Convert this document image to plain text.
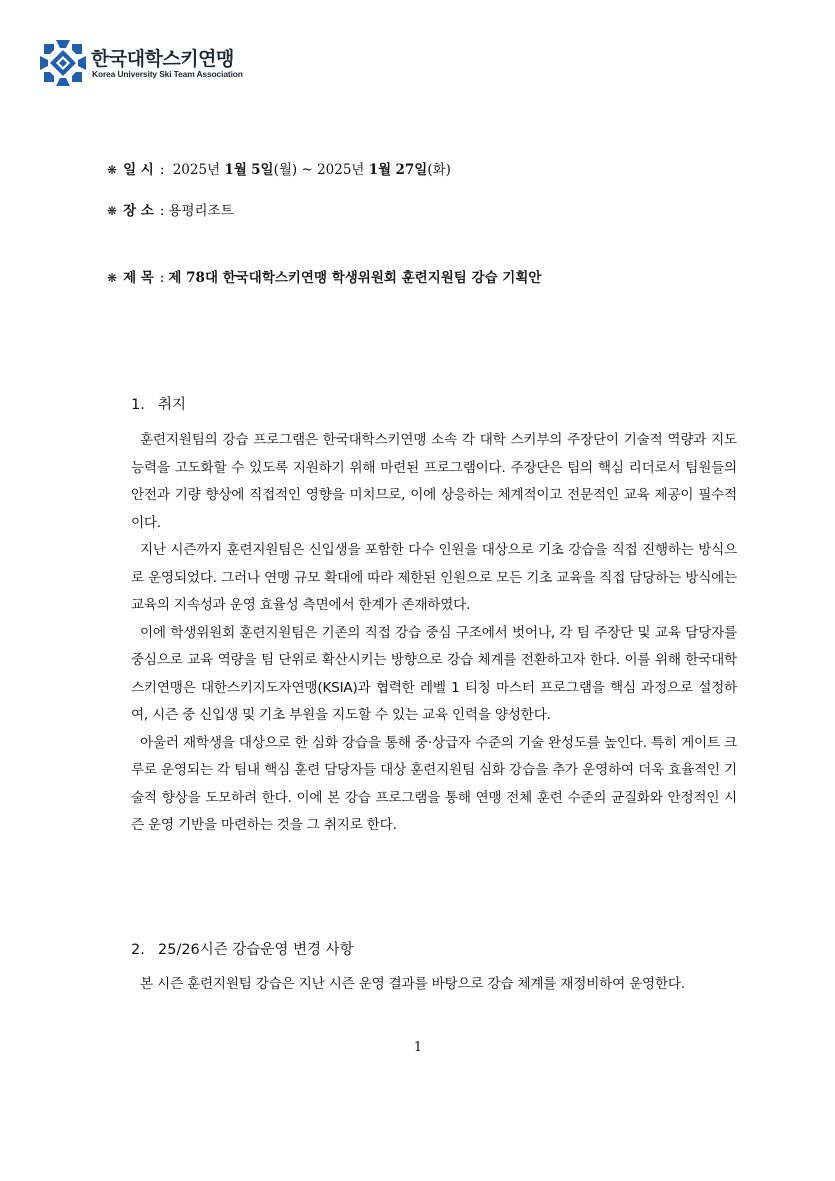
한국대학스키연맹
Korea University Ski Team Association
❋ 일 시 : 2025년 1월 5일(월) ~ 2025년 1월 27일(화)
❋ 장 소 : 용평리조트
❋ 제 목 : 제 78대 한국대학스키연맹 학생위원회 훈련지원팀 강습 기획안
1. 취지

훈련지원팀의 강습 프로그램은 한국대학스키연맹 소속 각 대학 스키부의 주장단이 기술적 역량과 지도 능력을 고도화할 수 있도록 지원하기 위해 마련된 프로그램이다. 주장단은 팀의 핵심 리더로서 팀원들의 안전과 기량 향상에 직접적인 영향을 미치므로, 이에 상응하는 체계적이고 전문적인 교육 제공이 필수적이다.

지난 시즌까지 훈련지원팀은 신입생을 포함한 다수 인원을 대상으로 기초 강습을 직접 진행하는 방식으로 운영되었다. 그러나 연맹 규모 확대에 따라 제한된 인원으로 모든 기초 교육을 직접 담당하는 방식에는 교육의 지속성과 운영 효율성 측면에서 한계가 존재하였다.

이에 학생위원회 훈련지원팀은 기존의 직접 강습 중심 구조에서 벗어나, 각 팀 주장단 및 교육 담당자를 중심으로 교육 역량을 팀 단위로 확산시키는 방향으로 강습 체계를 전환하고자 한다. 이를 위해 한국대학스키연맹은 대한스키지도자연맹(KSIA)과 협력한 레벨 1 티칭 마스터 프로그램을 핵심 과정으로 설정하여, 시즌 중 신입생 및 기초 부원을 지도할 수 있는 교육 인력을 양성한다.

아울러 재학생을 대상으로 한 심화 강습을 통해 중·상급자 수준의 기술 완성도를 높인다. 특히 게이트 크루로 운영되는 각 팀내 핵심 훈련 담당자들 대상 훈련지원팀 심화 강습을 추가 운영하여 더욱 효율적인 기술적 향상을 도모하려 한다. 이에 본 강습 프로그램을 통해 연맹 전체 훈련 수준의 균질화와 안정적인 시즌 운영 기반을 마련하는 것을 그 취지로 한다.

2. 25/26시즌 강습운영 변경 사항

본 시즌 훈련지원팀 강습은 지난 시즌 운영 결과를 바탕으로 강습 체계를 재정비하여 운영한다.

1
